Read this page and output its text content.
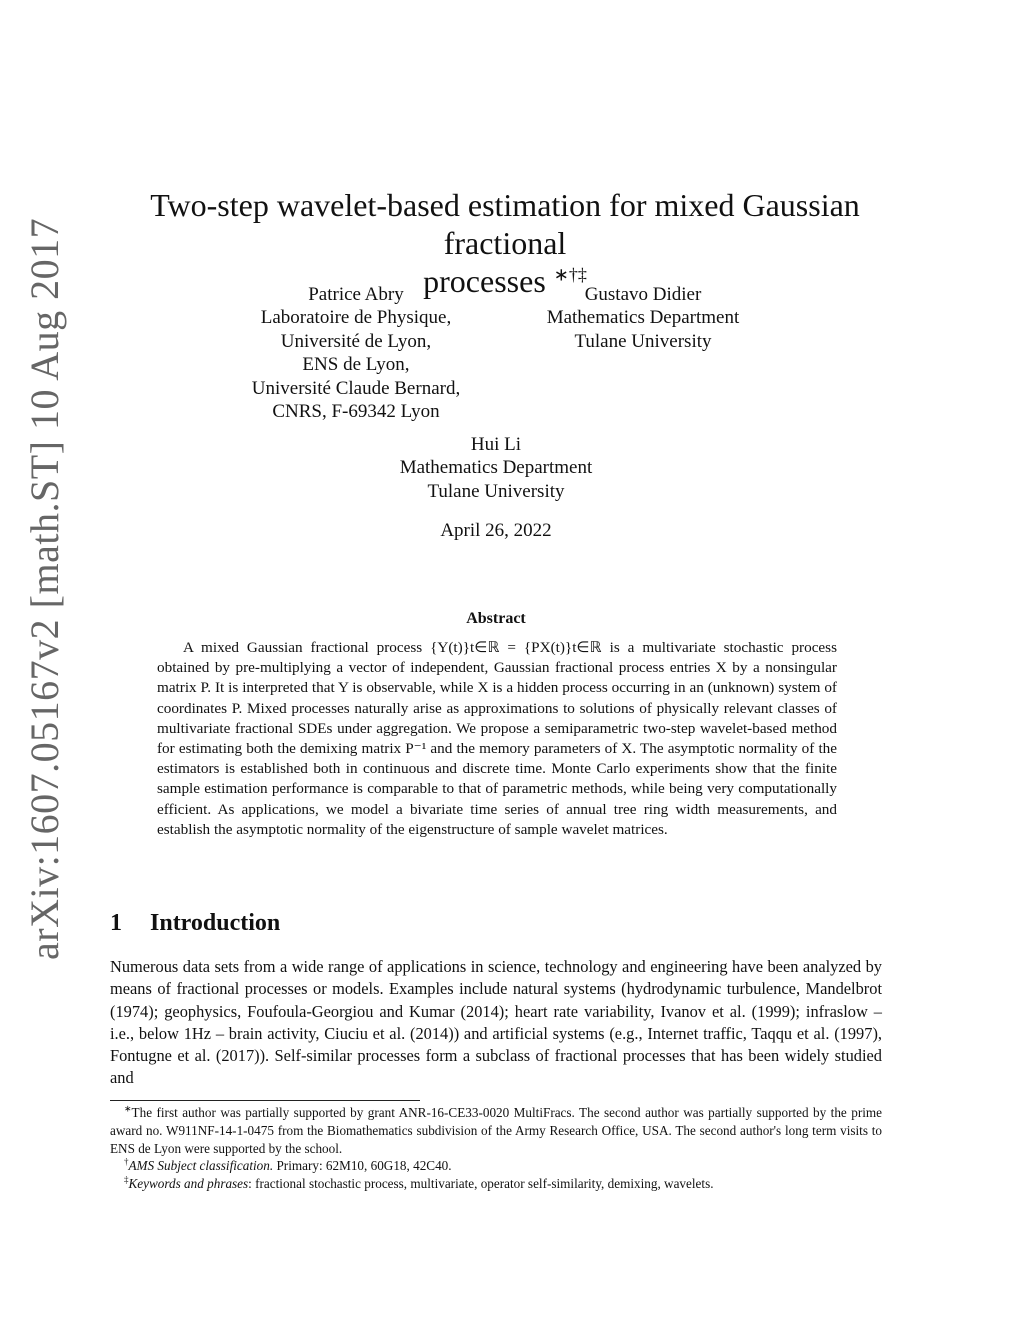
arXiv:1607.05167v2 [math.ST] 10 Aug 2017
Two-step wavelet-based estimation for mixed Gaussian fractional
processes ∗†‡
Patrice Abry
Laboratoire de Physique,
Université de Lyon,
ENS de Lyon,
Université Claude Bernard,
CNRS, F-69342 Lyon
Gustavo Didier
Mathematics Department
Tulane University
Hui Li
Mathematics Department
Tulane University
April 26, 2022
Abstract

A mixed Gaussian fractional process {Y(t)}t∈ℝ = {PX(t)}t∈ℝ is a multivariate stochastic process obtained by pre-multiplying a vector of independent, Gaussian fractional process entries X by a nonsingular matrix P. It is interpreted that Y is observable, while X is a hidden process occurring in an (unknown) system of coordinates P. Mixed processes naturally arise as approximations to solutions of physically relevant classes of multivariate fractional SDEs under aggregation. We propose a semiparametric two-step wavelet-based method for estimating both the demixing matrix P⁻¹ and the memory parameters of X. The asymptotic normality of the estimators is established both in continuous and discrete time. Monte Carlo experiments show that the finite sample estimation performance is comparable to that of parametric methods, while being very computationally efficient. As applications, we model a bivariate time series of annual tree ring width measurements, and establish the asymptotic normality of the eigenstructure of sample wavelet matrices.

1 Introduction

Numerous data sets from a wide range of applications in science, technology and engineering have been analyzed by means of fractional processes or models. Examples include natural systems (hydrodynamic turbulence, Mandelbrot (1974); geophysics, Foufoula-Georgiou and Kumar (2014); heart rate variability, Ivanov et al. (1999); infraslow – i.e., below 1Hz – brain activity, Ciuciu et al. (2014)) and artificial systems (e.g., Internet traffic, Taqqu et al. (1997), Fontugne et al. (2017)). Self-similar processes form a subclass of fractional processes that has been widely studied and

∗The first author was partially supported by grant ANR-16-CE33-0020 MultiFracs. The second author was partially supported by the prime award no. W911NF-14-1-0475 from the Biomathematics subdivision of the Army Research Office, USA. The second author's long term visits to ENS de Lyon were supported by the school.

†AMS Subject classification. Primary: 62M10, 60G18, 42C40.

‡Keywords and phrases: fractional stochastic process, multivariate, operator self-similarity, demixing, wavelets.
